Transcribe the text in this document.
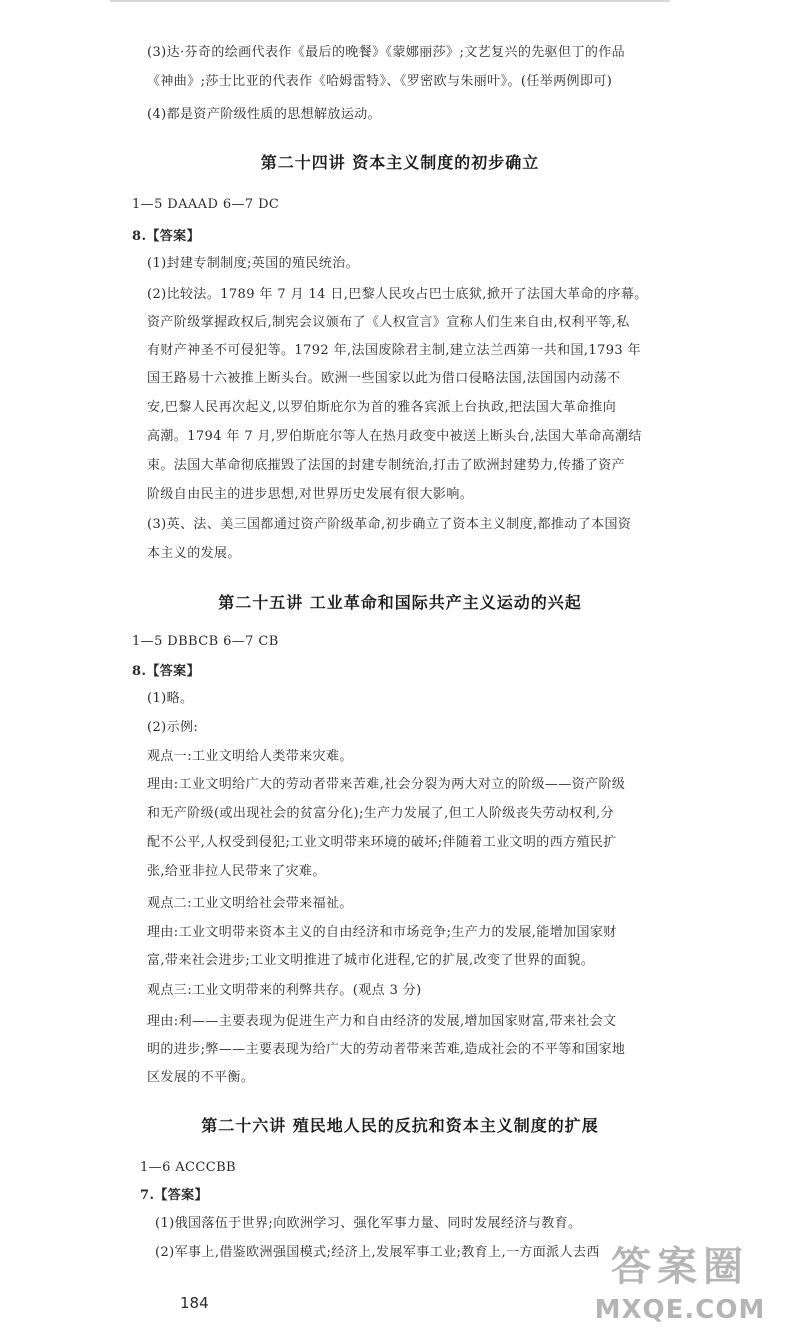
(3)达·芬奇的绘画代表作《最后的晚餐》《蒙娜丽莎》;文艺复兴的先驱但丁的作品
《神曲》;莎士比亚的代表作《哈姆雷特》、《罗密欧与朱丽叶》。(任举两例即可)
(4)都是资产阶级性质的思想解放运动。
第二十四讲 资本主义制度的初步确立
1—5 DAAAD 6—7 DC
8.【答案】
(1)封建专制制度;英国的殖民统治。
(2)比较法。1789 年 7 月 14 日,巴黎人民攻占巴士底狱,掀开了法国大革命的序幕。
资产阶级掌握政权后,制宪会议颁布了《人权宣言》宣称人们生来自由,权利平等,私
有财产神圣不可侵犯等。1792 年,法国废除君主制,建立法兰西第一共和国,1793 年
国王路易十六被推上断头台。欧洲一些国家以此为借口侵略法国,法国国内动荡不
安,巴黎人民再次起义,以罗伯斯庇尔为首的雅各宾派上台执政,把法国大革命推向
高潮。1794 年 7 月,罗伯斯庇尔等人在热月政变中被送上断头台,法国大革命高潮结
束。法国大革命彻底摧毁了法国的封建专制统治,打击了欧洲封建势力,传播了资产
阶级自由民主的进步思想,对世界历史发展有很大影响。
(3)英、法、美三国都通过资产阶级革命,初步确立了资本主义制度,都推动了本国资
本主义的发展。
第二十五讲 工业革命和国际共产主义运动的兴起
1—5 DBBCB 6—7 CB
8.【答案】
(1)略。
(2)示例:
观点一:工业文明给人类带来灾难。
理由:工业文明给广大的劳动者带来苦难,社会分裂为两大对立的阶级——资产阶级
和无产阶级(或出现社会的贫富分化);生产力发展了,但工人阶级丧失劳动权利,分
配不公平,人权受到侵犯;工业文明带来环境的破坏;伴随着工业文明的西方殖民扩
张,给亚非拉人民带来了灾难。
观点二:工业文明给社会带来福祉。
理由:工业文明带来资本主义的自由经济和市场竞争;生产力的发展,能增加国家财
富,带来社会进步;工业文明推进了城市化进程,它的扩展,改变了世界的面貌。
观点三:工业文明带来的利弊共存。(观点 3 分)
理由:利——主要表现为促进生产力和自由经济的发展,增加国家财富,带来社会文
明的进步;弊——主要表现为给广大的劳动者带来苦难,造成社会的不平等和国家地
区发展的不平衡。
第二十六讲 殖民地人民的反抗和资本主义制度的扩展
1—6 ACCCBB
7.【答案】
(1)俄国落伍于世界;向欧洲学习、强化军事力量、同时发展经济与教育。
(2)军事上,借鉴欧洲强国模式;经济上,发展军事工业;教育上,一方面派人去西
184
答案圈
MXQE.COM
